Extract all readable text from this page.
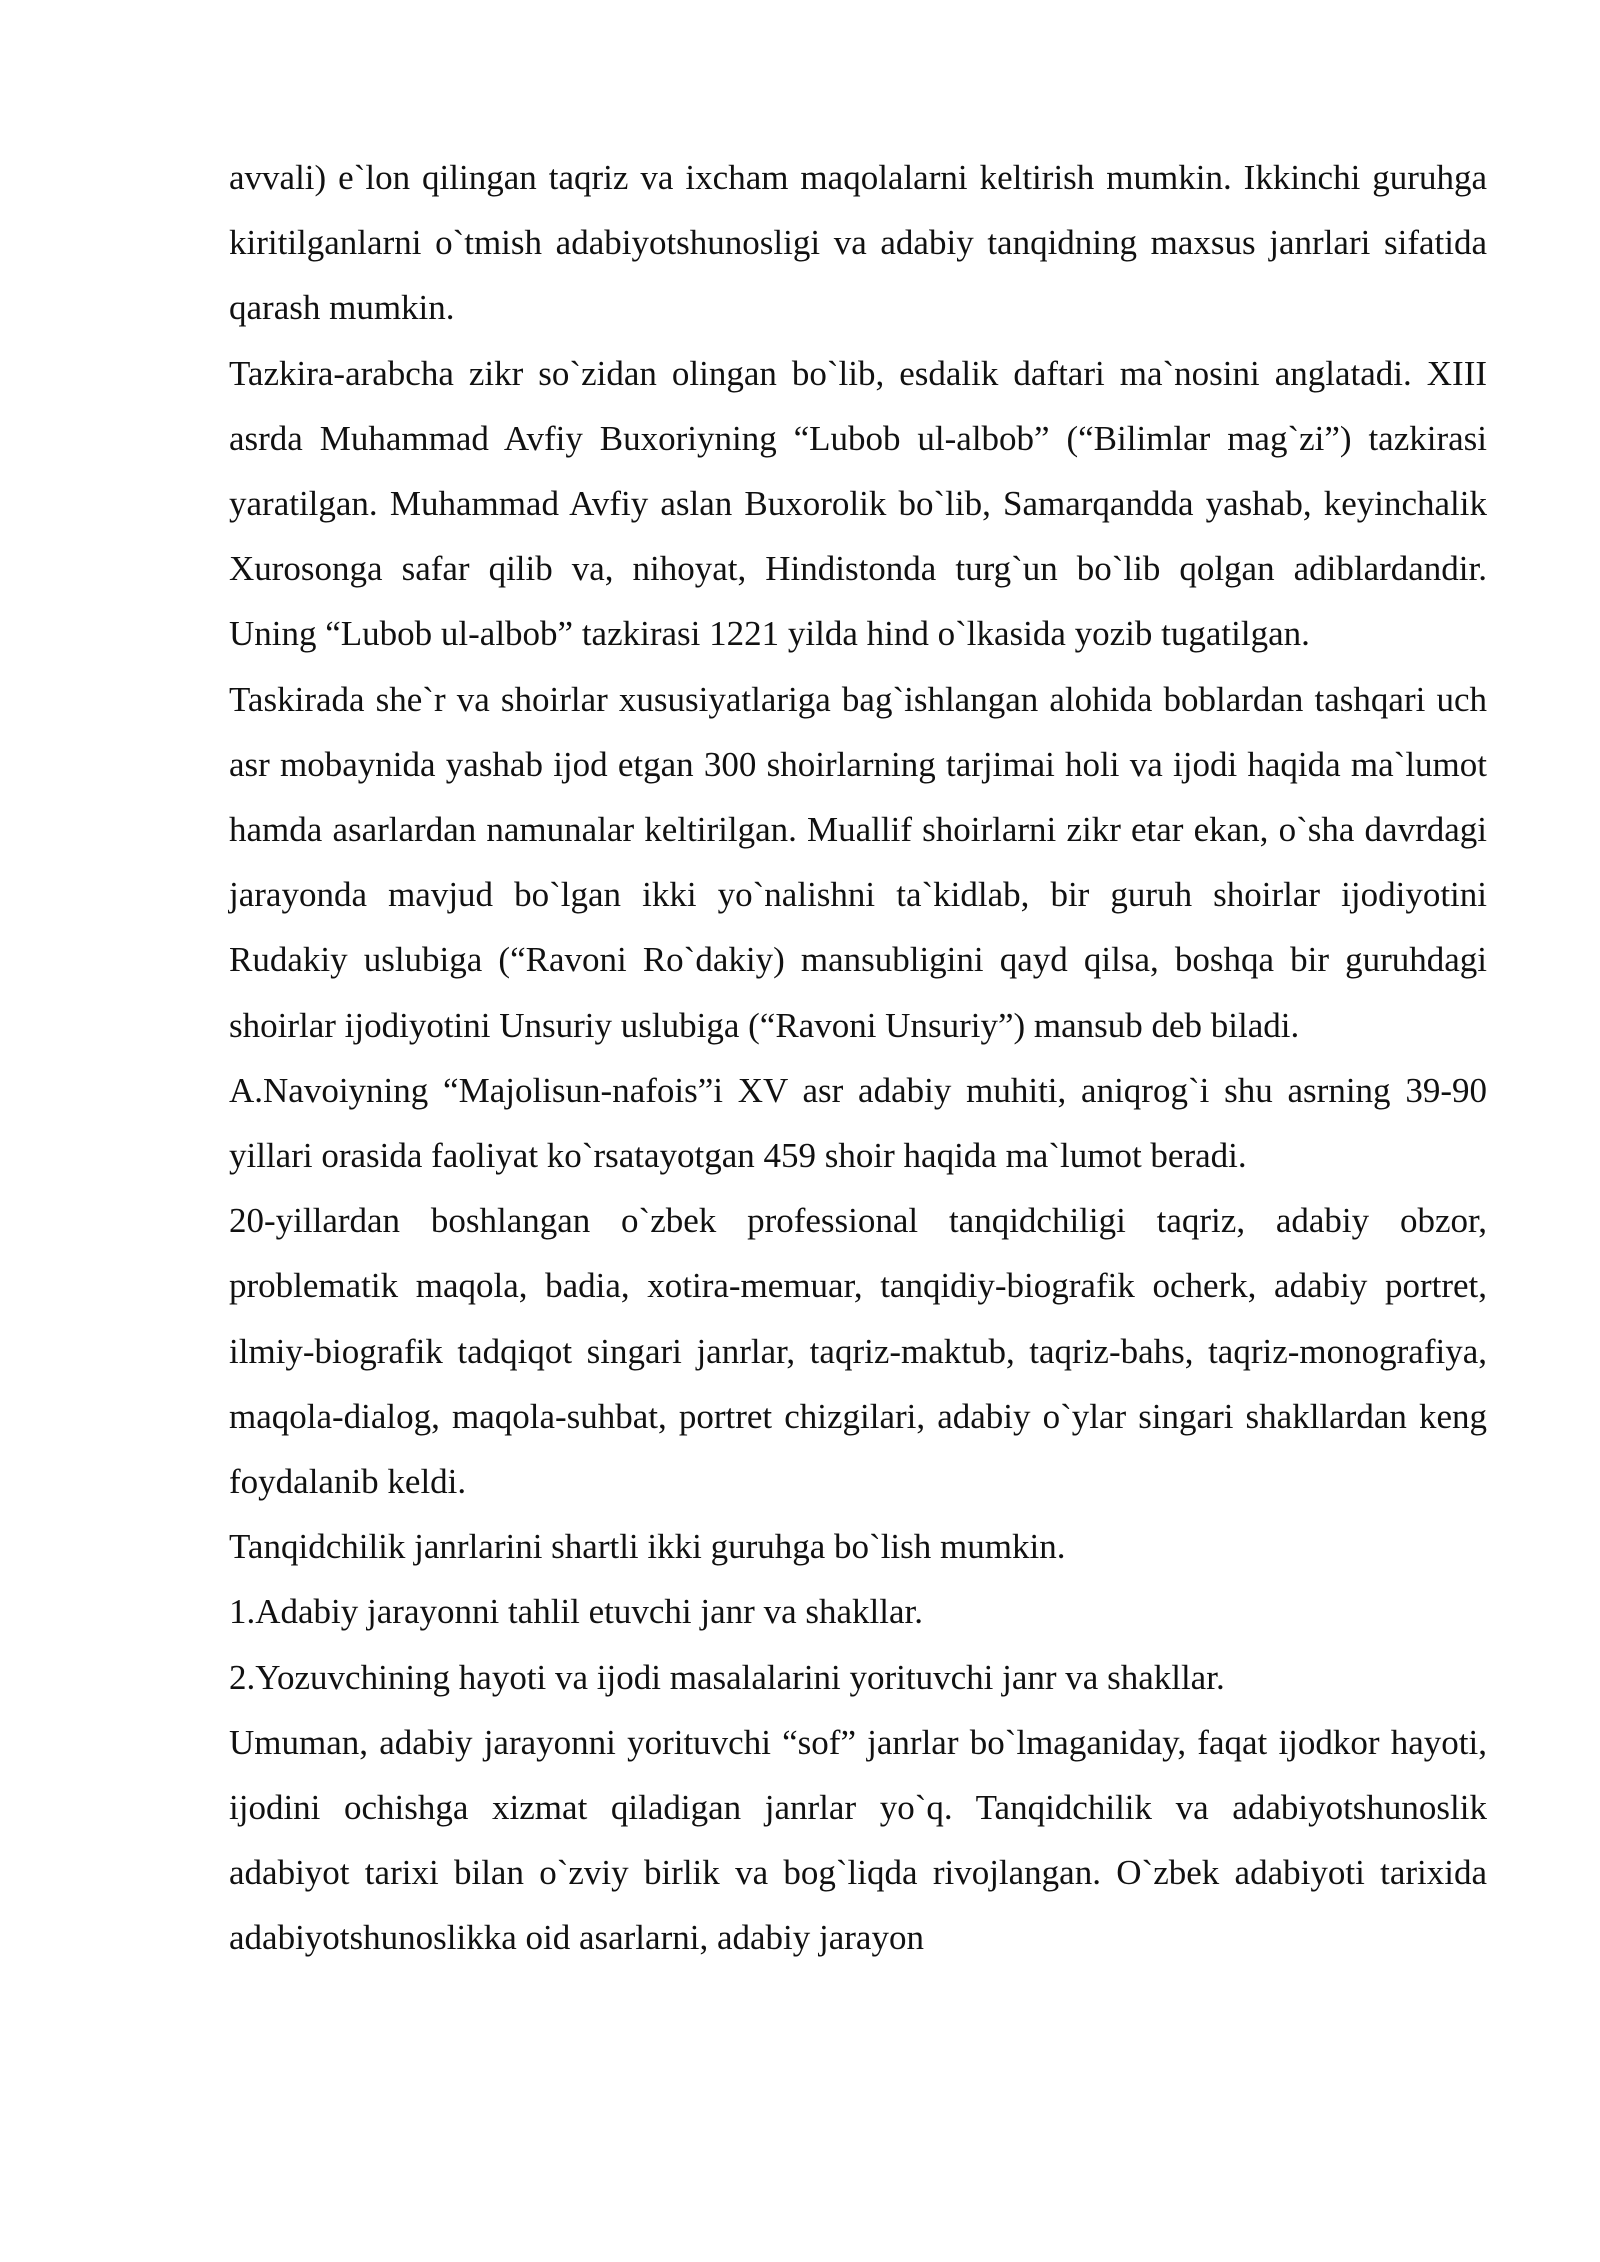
avvali) e`lon qilingan taqriz va ixcham maqolalarni keltirish mumkin. Ikkinchi guruhga kiritilganlarni o`tmish adabiyotshunosligi va adabiy tanqidning maxsus janrlari sifatida qarash mumkin.

Tazkira-arabcha zikr so`zidan olingan bo`lib, esdalik daftari ma`nosini anglatadi. XIII asrda Muhammad Avfiy Buxoriyning “Lubob ul-albob” (“Bilimlar mag`zi”) tazkirasi yaratilgan. Muhammad Avfiy aslan Buxorolik bo`lib, Samarqandda yashab, keyinchalik Xurosonga safar qilib va, nihoyat, Hindistonda turg`un bo`lib qolgan adiblardandir. Uning “Lubob ul-albob” tazkirasi 1221 yilda hind o`lkasida yozib tugatilgan.

Taskirada she`r va shoirlar xususiyatlariga bag`ishlangan alohida boblardan tashqari uch asr mobaynida yashab ijod etgan 300 shoirlarning tarjimai holi va ijodi haqida ma`lumot hamda asarlardan namunalar keltirilgan. Muallif shoirlarni zikr etar ekan, o`sha davrdagi jarayonda mavjud bo`lgan ikki yo`nalishni ta`kidlab, bir guruh shoirlar ijodiyotini Rudakiy uslubiga (“Ravoni Ro`dakiy) mansubligini qayd qilsa, boshqa bir guruhdagi shoirlar ijodiyotini Unsuriy uslubiga (“Ravoni Unsuriy”) mansub deb biladi.

A.Navoiyning “Majolisun-nafois”i XV asr adabiy muhiti, aniqrog`i shu asrning 39-90 yillari orasida faoliyat ko`rsatayotgan 459 shoir haqida ma`lumot beradi.

20-yillardan boshlangan o`zbek professional tanqidchiligi taqriz, adabiy obzor, problematik maqola, badia, xotira-memuar, tanqidiy-biografik ocherk, adabiy portret, ilmiy-biografik tadqiqot singari janrlar, taqriz-maktub, taqriz-bahs, taqriz-monografiya, maqola-dialog, maqola-suhbat, portret chizgilari, adabiy o`ylar singari shakllardan keng foydalanib keldi.

Tanqidchilik janrlarini shartli ikki guruhga bo`lish mumkin.

1.Adabiy jarayonni tahlil etuvchi janr va shakllar.

2.Yozuvchining hayoti va ijodi masalalarini yorituvchi janr va shakllar.

Umuman, adabiy jarayonni yorituvchi “sof” janrlar bo`lmaganiday, faqat ijodkor hayoti, ijodini ochishga xizmat qiladigan janrlar yo`q. Tanqidchilik va adabiyotshunoslik adabiyot tarixi bilan o`zviy birlik va bog`liqda rivojlangan. O`zbek adabiyoti tarixida adabiyotshunoslikka oid asarlarni, adabiy jarayon
